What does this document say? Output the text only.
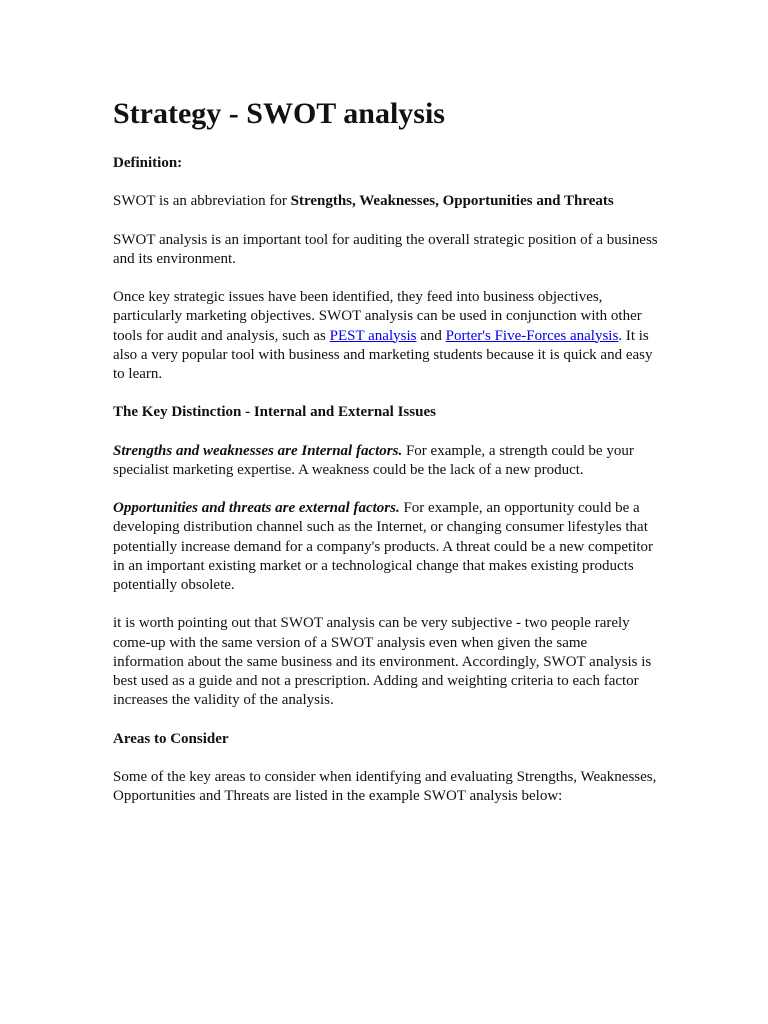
Strategy - SWOT analysis
Definition:

SWOT is an abbreviation for Strengths, Weaknesses, Opportunities and Threats

SWOT analysis is an important tool for auditing the overall strategic position of a business and its environment.

Once key strategic issues have been identified, they feed into business objectives, particularly marketing objectives. SWOT analysis can be used in conjunction with other tools for audit and analysis, such as PEST analysis and Porter's Five-Forces analysis. It is also a very popular tool with business and marketing students because it is quick and easy to learn.

The Key Distinction - Internal and External Issues

Strengths and weaknesses are Internal factors. For example, a strength could be your specialist marketing expertise. A weakness could be the lack of a new product.

Opportunities and threats are external factors. For example, an opportunity could be a developing distribution channel such as the Internet, or changing consumer lifestyles that potentially increase demand for a company's products. A threat could be a new competitor in an important existing market or a technological change that makes existing products potentially obsolete.

it is worth pointing out that SWOT analysis can be very subjective - two people rarely come-up with the same version of a SWOT analysis even when given the same information about the same business and its environment. Accordingly, SWOT analysis is best used as a guide and not a prescription. Adding and weighting criteria to each factor increases the validity of the analysis.

Areas to Consider

Some of the key areas to consider when identifying and evaluating Strengths, Weaknesses, Opportunities and Threats are listed in the example SWOT analysis below:
